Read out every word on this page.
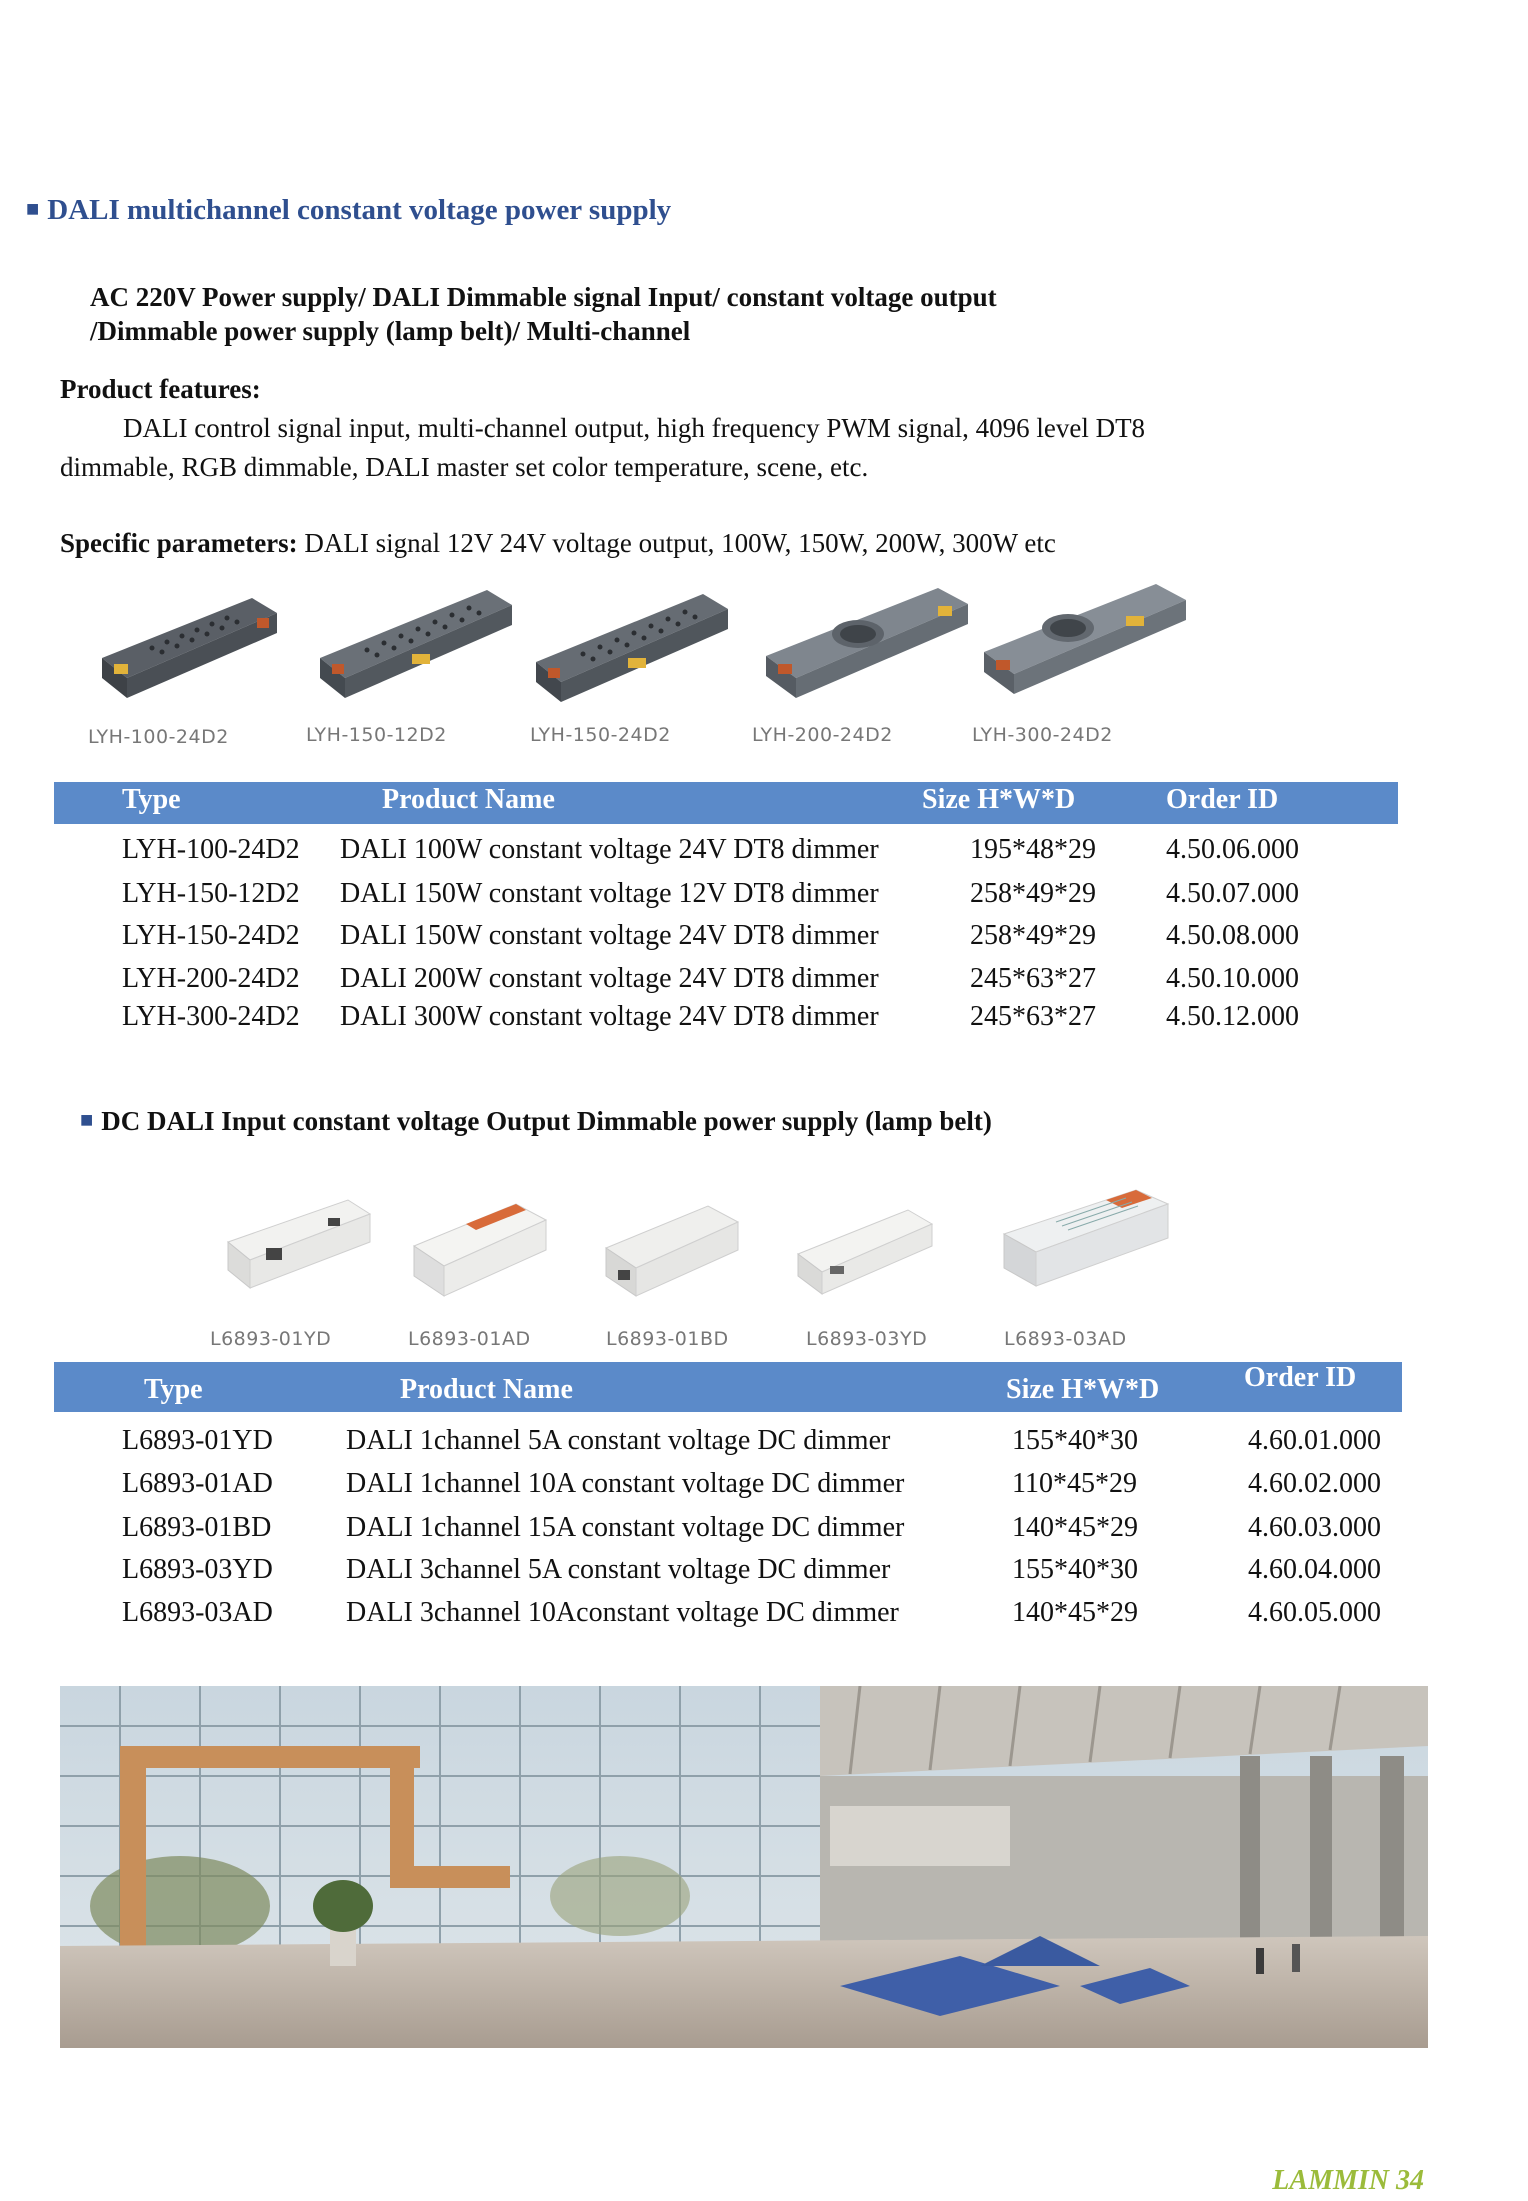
■ DALI multichannel constant voltage power supply
AC 220V Power supply/ DALI Dimmable signal Input/ constant voltage output
/Dimmable power supply (lamp belt)/ Multi-channel
Product features:
DALI control signal input, multi-channel output, high frequency PWM signal, 4096 level DT8
dimmable, RGB dimmable, DALI master set color temperature, scene, etc.
Specific parameters: DALI signal 12V 24V voltage output, 100W, 150W, 200W, 300W etc
LYH-100-24D2	LYH-150-12D2	LYH-150-24D2	LYH-200-24D2	LYH-300-24D2
Type	Product Name	Size H*W*D	Order ID
LYH-100-24D2 DALI 100W constant voltage 24V DT8 dimmer	195*48*29	4.50.06.000
LYH-150-12D2 DALI 150W constant voltage 12V DT8 dimmer	258*49*29	4.50.07.000
LYH-150-24D2 DALI 150W constant voltage 24V DT8 dimmer	258*49*29	4.50.08.000
LYH-200-24D2 DALI 200W constant voltage 24V DT8 dimmer	245*63*27	4.50.10.000
LYH-300-24D2 DALI 300W constant voltage 24V DT8 dimmer	245*63*27	4.50.12.000
■ DC DALI Input constant voltage Output Dimmable power supply (lamp belt)
L6893-01YD	L6893-01AD	L6893-01BD	L6893-03YD	L6893-03AD
Type	Product Name	Size H*W*D	Order ID
L6893-01YD	DALI 1channel 5A constant voltage DC dimmer	155*40*30	4.60.01.000
L6893-01AD	DALI 1channel 10A constant voltage DC dimmer	110*45*29	4.60.02.000
L6893-01BD	DALI 1channel 15A constant voltage DC dimmer	140*45*29	4.60.03.000
L6893-03YD	DALI 3channel 5A constant voltage DC dimmer	155*40*30	4.60.04.000
L6893-03AD	DALI 3channel 10Aconstant voltage DC dimmer	140*45*29	4.60.05.000
LAMMIN 34
